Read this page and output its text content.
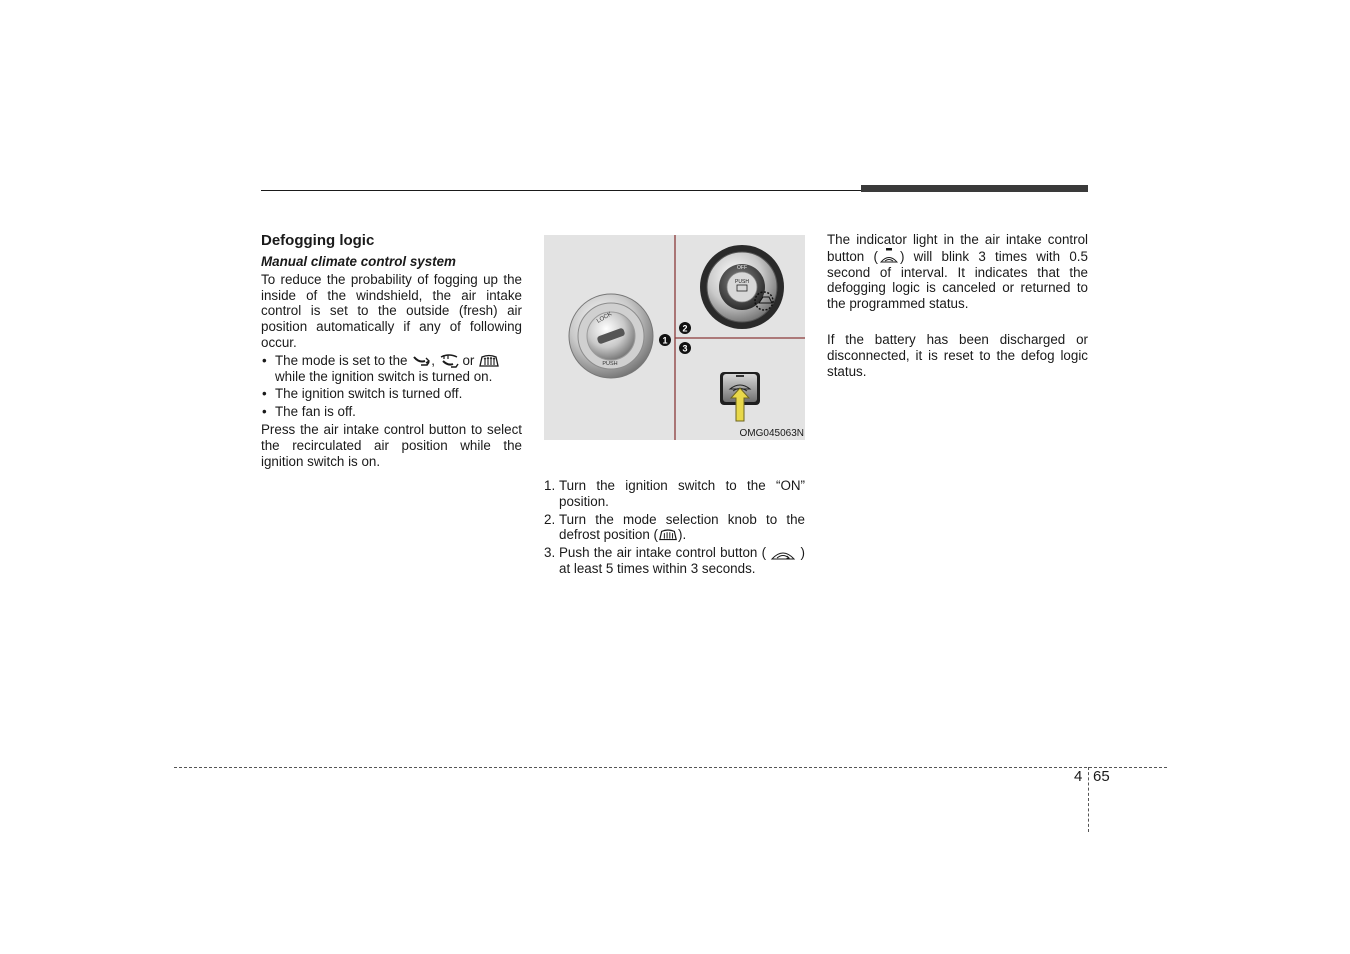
Defogging logic

Manual climate control system

To reduce the probability of fogging up the inside of the windshield, the air intake control is set to the outside (fresh) air position automatically if any of following occur.

• The mode is set to the , or  while the ignition switch is turned on.
• The ignition switch is turned off.
• The fan is off.

Press the air intake control button to select the recirculated air position while the ignition switch is on.

LOCK
PUSH
PUSH
OFF
1
2
3
OMG045063N
1. Turn the ignition switch to the “ON” position.
2. Turn the mode selection knob to the defrost position ( ).
3. Push the air intake control button (	) at least 5 times within 3 seconds.

The indicator light in the air intake control button ( ) will blink 3 times with 0.5 second of interval. It indicates that the defogging logic is canceled or returned to the programmed status.

If the battery has been discharged or disconnected, it is reset to the defog logic status.

4 65
